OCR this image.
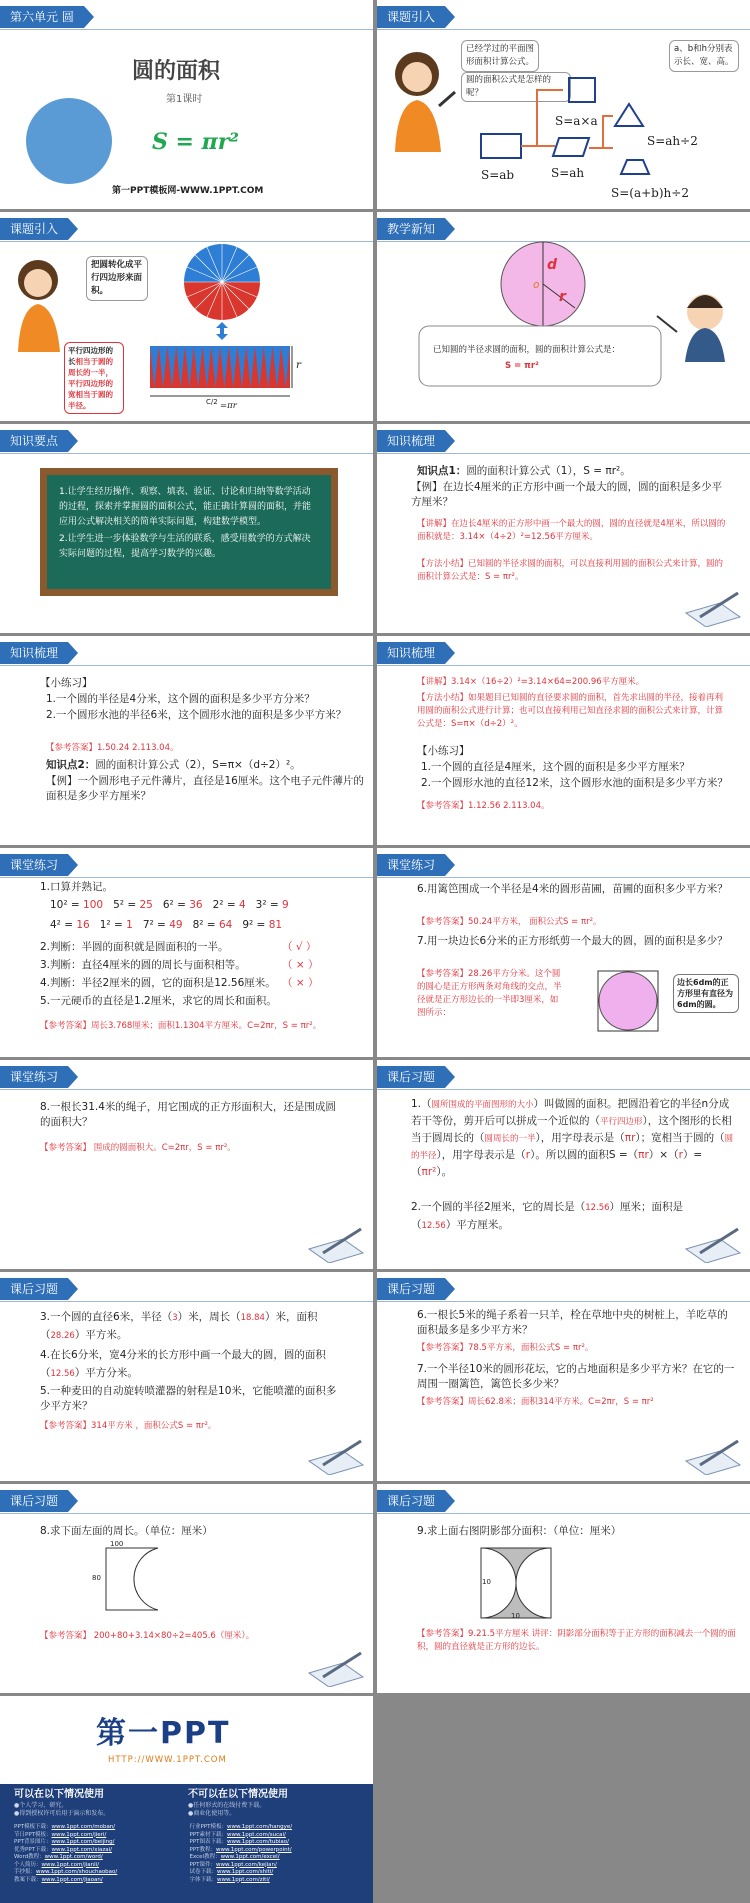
第六单元 圆
圆的面积
第1课时
S = πr²
第一PPT模板网-WWW.1PPT.COM
课题引入
已经学过的平面图形面积计算公式。
圆的面积公式是怎样的呢？
a、b和h分别表示长、宽、高。
S=ab
S=a×a
S=ah
S=ah÷2
S=(a+b)h÷2
课题引入
把圆转化成平行四边形来面积。
平行四边形的长相当于圆的周长的一半，平行四边形的宽相当于圆的半径。
r
C/2 =πr
教学新知
d
o
r
已知圆的半径求圆的面积，圆的面积计算公式是：
S = πr²
知识要点
1.让学生经历操作、观察、填表、验证、讨论和归纳等数学活动的过程，探索并掌握圆的面积公式，能正确计算圆的面积，并能应用公式解决相关的简单实际问题，构建数学模型。
2.让学生进一步体验数学与生活的联系，感受用数学的方式解决实际问题的过程，提高学习数学的兴趣。
知识梳理
知识点1：圆的面积计算公式（1），S = πr²。
【例】在边长4厘米的正方形中画一个最大的圆，圆的面积是多少平方厘米？
【讲解】在边长4厘米的正方形中画一个最大的圆，圆的直径就是4厘米，所以圆的面积就是：3.14×（4÷2）²=12.56平方厘米。
【方法小结】已知圆的半径求圆的面积，可以直接利用圆的面积公式来计算，圆的面积计算公式是：S = πr²。
知识梳理
【小练习】
1.一个圆的半径是4分米，这个圆的面积是多少平方分米？
2.一个圆形水池的半径6米，这个圆形水池的面积是多少平方米？
【参考答案】1.50.24 2.113.04。
知识点2：圆的面积计算公式（2），S=π×（d÷2）²。
【例】一个圆形电子元件薄片，直径是16厘米。这个电子元件薄片的面积是多少平方厘米？
知识梳理
【讲解】3.14×（16÷2）²=3.14×64=200.96平方厘米。
【方法小结】如果题目已知圆的直径要求圆的面积，首先求出圆的半径，接着再利用圆的面积公式进行计算；也可以直接利用已知直径求圆的面积公式来计算，计算公式是：S=π×（d÷2）²。
【小练习】
1.一个圆的直径是4厘米，这个圆的面积是多少平方厘米？
2.一个圆形水池的直径12米，这个圆形水池的面积是多少平方米？
【参考答案】1.12.56 2.113.04。
课堂练习
1.口算并熟记。
10² = 100 5² = 25 6² = 36 2² = 4 3² = 9
4² = 16 1² = 1 7² = 49 8² = 64 9² = 81
2.判断：半圆的面积就是圆面积的一半。	（ √ ）
3.判断：直径4厘米的圆的周长与面积相等。	（ × ）
4.判断：半径2厘米的圆，它的面积是12.56厘米。 （ × ）
5.一元硬币的直径是1.2厘米，求它的周长和面积。
【参考答案】周长3.768厘米；面积1.1304平方厘米。C=2πr，S = πr²。
课堂练习
6.用篱笆围成一个半径是4米的圆形苗圃，苗圃的面积多少平方米？
【参考答案】50.24平方米， 面积公式S = πr²。
7.用一块边长6分米的正方形纸剪一个最大的圆，圆的面积是多少？
【参考答案】28.26平方分米。这个圆的圆心是正方形两条对角线的交点，半径就是正方形边长的一半即3厘米，如图所示：
边长6dm的正方形里有直径为6dm的圆。
课堂练习
8.一根长31.4米的绳子，用它围成的正方形面积大，还是围成圆的面积大？
【参考答案】 围成的圆面积大。C=2πr，S = πr²。
课后习题
1.（圆所围成的平面图形的大小）叫做圆的面积。把圆沿着它的半径n分成若干等份，剪开后可以拼成一个近似的（平行四边形），这个图形的长相当于圆周长的（圆周长的一半），用字母表示是（πr）；宽相当于圆的（圆的半径），用字母表示是（r）。所以圆的面积S =（πr）×（r）=（πr²）。
2.一个圆的半径2厘米，它的周长是（12.56）厘米；面积是（12.56）平方厘米。
课后习题
3.一个圆的直径6米，半径（3）米，周长（18.84）米，面积（28.26）平方米。
4.在长6分米，宽4分米的长方形中画一个最大的圆，圆的面积（12.56）平方分米。
5.一种麦田的自动旋转喷灌器的射程是10米，它能喷灌的面积多少平方米？
【参考答案】314平方米 ，面积公式S = πr²。
课后习题
6.一根长5米的绳子系着一只羊，栓在草地中央的树桩上，羊吃草的面积最多是多少平方米？
【参考答案】78.5平方米，面积公式S = πr²。
7.一个半径10米的圆形花坛，它的占地面积是多少平方米？在它的一周围一圈篱笆，篱笆长多少米？
【参考答案】周长62.8米；面积314平方米。C=2πr，S = πr²
课后习题
8.求下面左面的周长。（单位：厘米）
100
80
【参考答案】 200+80+3.14×80÷2=405.6（厘米）。
课后习题
9.求上面右图阴影部分面积：（单位：厘米）
10
10
【参考答案】9.21.5平方厘米 讲评：阴影部分面积等于正方形的面积减去一个圆的面积，圆的直径就是正方形的边长。
第一PPT
HTTP://WWW.1PPT.COM
可以在以下情况使用
●个人学习、研究。
●得到授权许可后用于演示和发布。
不可以在以下情况使用
●任何形式的在线付费下载。
●商业化使用等。
PPT模板下载：www.1ppt.com/moban/
节日PPT模板：www.1ppt.com/jieri/
PPT背景图片：www.1ppt.com/beijing/
优秀PPT下载：www.1ppt.com/xiazai/
Word教程：www.1ppt.com/word/
个人简历：www.1ppt.com/jianli/
手抄报：www.1ppt.com/shouchaobao/
教案下载：www.1ppt.com/jiaoan/
行业PPT模板：www.1ppt.com/hangye/
PPT素材下载：www.1ppt.com/sucai/
PPT图表下载：www.1ppt.com/tubiao/
PPT教程：www.1ppt.com/powerpoint/
Excel教程：www.1ppt.com/excel/
PPT课件：www.1ppt.com/kejian/
试卷下载：www.1ppt.com/shiti/
字体下载：www.1ppt.com/ziti/
